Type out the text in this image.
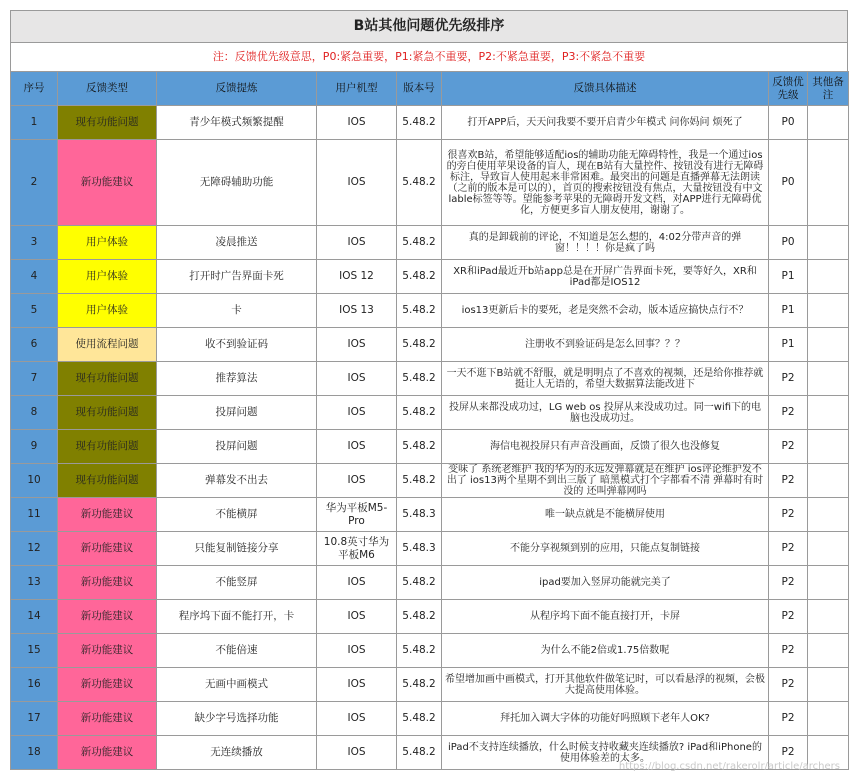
B站其他问题优先级排序
注：反馈优先级意思，P0:紧急重要，P1:紧急不重要，P2:不紧急重要，P3:不紧急不重要
序号	反馈类型	反馈提炼	用户机型	版本号	反馈具体描述	反馈优先级	其他备注
1	现有功能问题	青少年模式频繁提醒	IOS	5.48.2	打开APP后，天天问我要不要开启青少年模式 问你妈问 烦死了	P0	
2	新功能建议	无障碍辅助功能	IOS	5.48.2	很喜欢B站，希望能够适配ios的辅助功能无障碍特性，我是一个通过ios的旁白使用苹果设备的盲人，现在B站有大量控件、按钮没有进行无障碍标注，导致盲人使用起来非常困难。最突出的问题是直播弹幕无法朗读（之前的版本是可以的），首页的搜索按钮没有焦点，大量按钮没有中文lable标签等等。望能参考苹果的无障碍开发文档，对APP进行无障碍优化，方便更多盲人朋友使用，谢谢了。	P0	
3	用户体验	凌晨推送	IOS	5.48.2	真的是卸载前的评论，不知道是怎么想的，4:02分带声音的弹窗！！！！你是疯了吗	P0	
4	用户体验	打开时广告界面卡死	IOS 12	5.48.2	XR和iPad最近开b站app总是在开屏广告界面卡死，要等好久，XR和iPad都是IOS12	P1	
5	用户体验	卡	IOS 13	5.48.2	ios13更新后卡的要死，老是突然不会动，版本适应搞快点行不？	P1	
6	使用流程问题	收不到验证码	IOS	5.48.2	注册收不到验证码是怎么回事？？？	P1	
7	现有功能问题	推荐算法	IOS	5.48.2	一天不逛下B站就不舒服，就是明明点了不喜欢的视频，还是给你推荐就挺让人无语的，希望大数据算法能改进下	P2	
8	现有功能问题	投屏问题	IOS	5.48.2	投屏从来都没成功过，LG web os 投屏从来没成功过。同一wifi下的电脑也没成功过。	P2	
9	现有功能问题	投屏问题	IOS	5.48.2	海信电视投屏只有声音没画面，反馈了很久也没修复	P2	
10	现有功能问题	弹幕发不出去	IOS	5.48.2	变味了 系统老维护 我的华为的永远发弹幕就是在维护 ios评论维护发不出了 ios13两个星期不到出三版了 暗黑模式打个字都看不清 弹幕时有时没的 还叫弹幕网吗	P2	
11	新功能建议	不能横屏	华为平板M5-Pro	5.48.3	唯一缺点就是不能横屏使用	P2	
12	新功能建议	只能复制链接分享	10.8英寸华为平板M6	5.48.3	不能分享视频到别的应用，只能点复制链接	P2	
13	新功能建议	不能竖屏	IOS	5.48.2	ipad要加入竖屏功能就完美了	P2	
14	新功能建议	程序坞下面不能打开，卡	IOS	5.48.2	从程序坞下面不能直接打开，卡屏	P2	
15	新功能建议	不能倍速	IOS	5.48.2	为什么不能2倍或1.75倍数呢	P2	
16	新功能建议	无画中画模式	IOS	5.48.2	希望增加画中画模式，打开其他软件做笔记时，可以看悬浮的视频，会极大提高使用体验。	P2	
17	新功能建议	缺少字号选择功能	IOS	5.48.2	拜托加入调大字体的功能好吗照顾下老年人OK?	P2	
18	新功能建议	无连续播放	IOS	5.48.2	iPad不支持连续播放，什么时候支持收藏夹连续播放? iPad和iPhone的使用体验差的太多。	P2	
https://blog.csdn.net/rakerolr/article/archers
